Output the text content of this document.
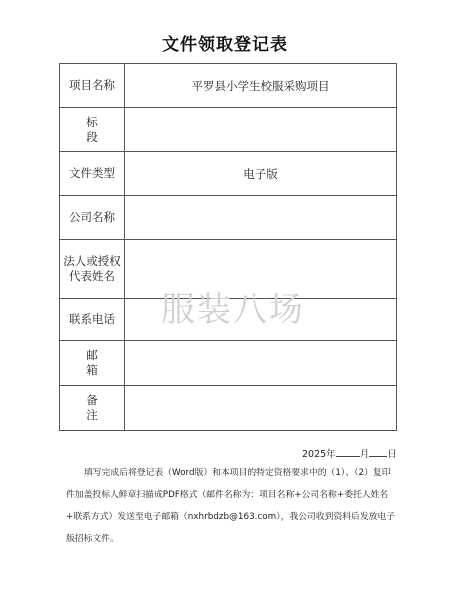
文件领取登记表
项目名称	平罗县小学生校服采购项目
标段	
文件类型	电子版
公司名称	
法人或授权代表姓名	
联系电话	
邮箱	
备注	
服装八场
2025年	月 日

填写完成后将登记表（Word版）和本项目的特定资格要求中的（1）、（2）复印件加盖投标人鲜章扫描成PDF格式（邮件名称为：项目名称+公司名称+委托人姓名+联系方式）发送至电子邮箱（nxhrbdzb@163.com），我公司收到资料后发放电子版招标文件。
